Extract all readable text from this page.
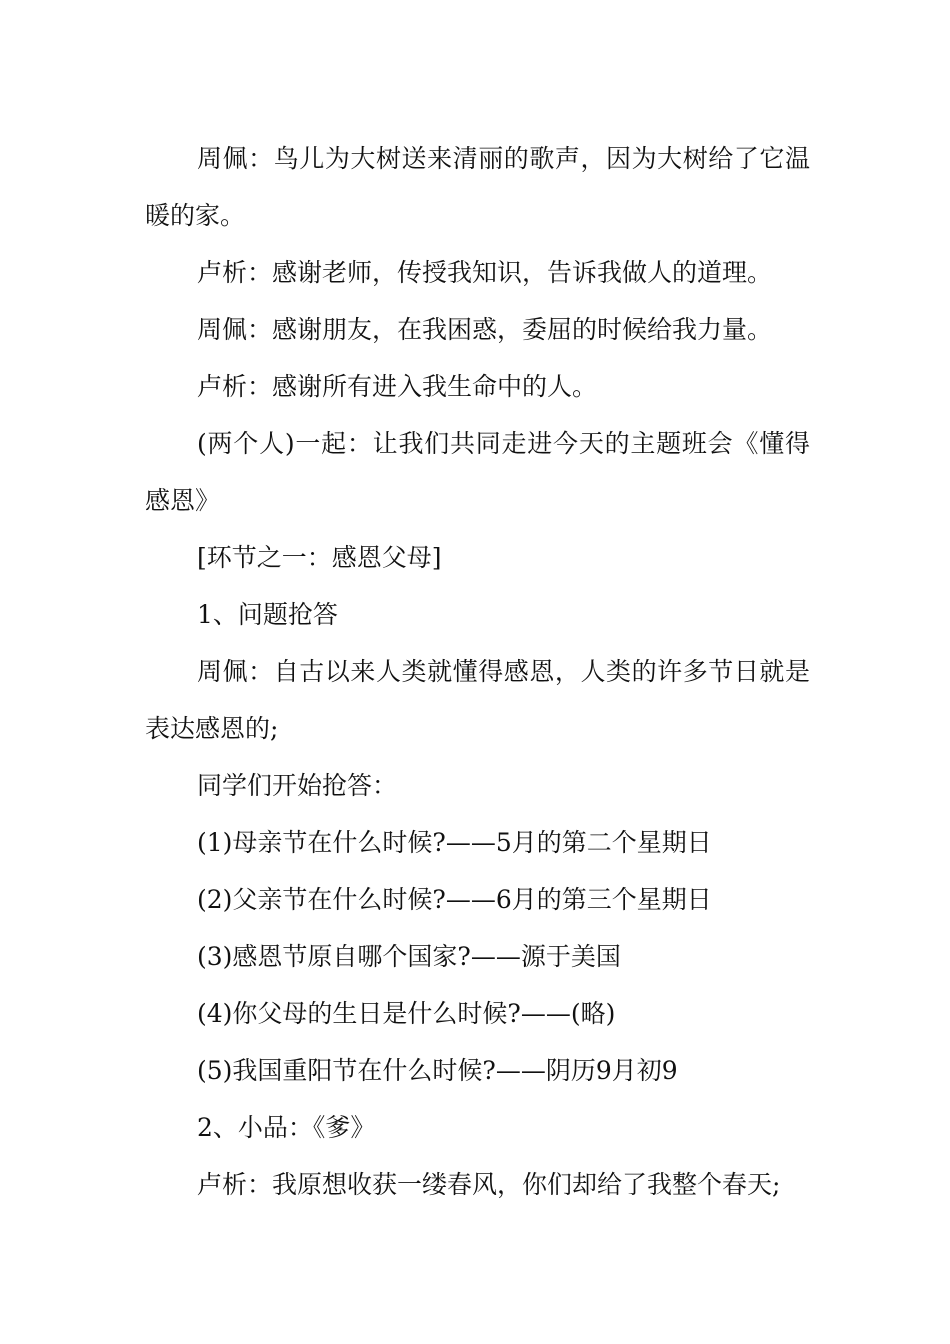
周佩：鸟儿为大树送来清丽的歌声，因为大树给了它温暖的家。

卢析：感谢老师，传授我知识，告诉我做人的道理。

周佩：感谢朋友，在我困惑，委屈的时候给我力量。

卢析：感谢所有进入我生命中的人。

(两个人)一起：让我们共同走进今天的主题班会《懂得感恩》

[环节之一：感恩父母]

1、问题抢答

周佩：自古以来人类就懂得感恩，人类的许多节日就是表达感恩的;

同学们开始抢答：

(1)母亲节在什么时候?——5月的第二个星期日

(2)父亲节在什么时候?——6月的第三个星期日

(3)感恩节原自哪个国家?——源于美国

(4)你父母的生日是什么时候?——(略)

(5)我国重阳节在什么时候?——阴历9月初9

2、小品：《爹》

卢析：我原想收获一缕春风，你们却给了我整个春天;
